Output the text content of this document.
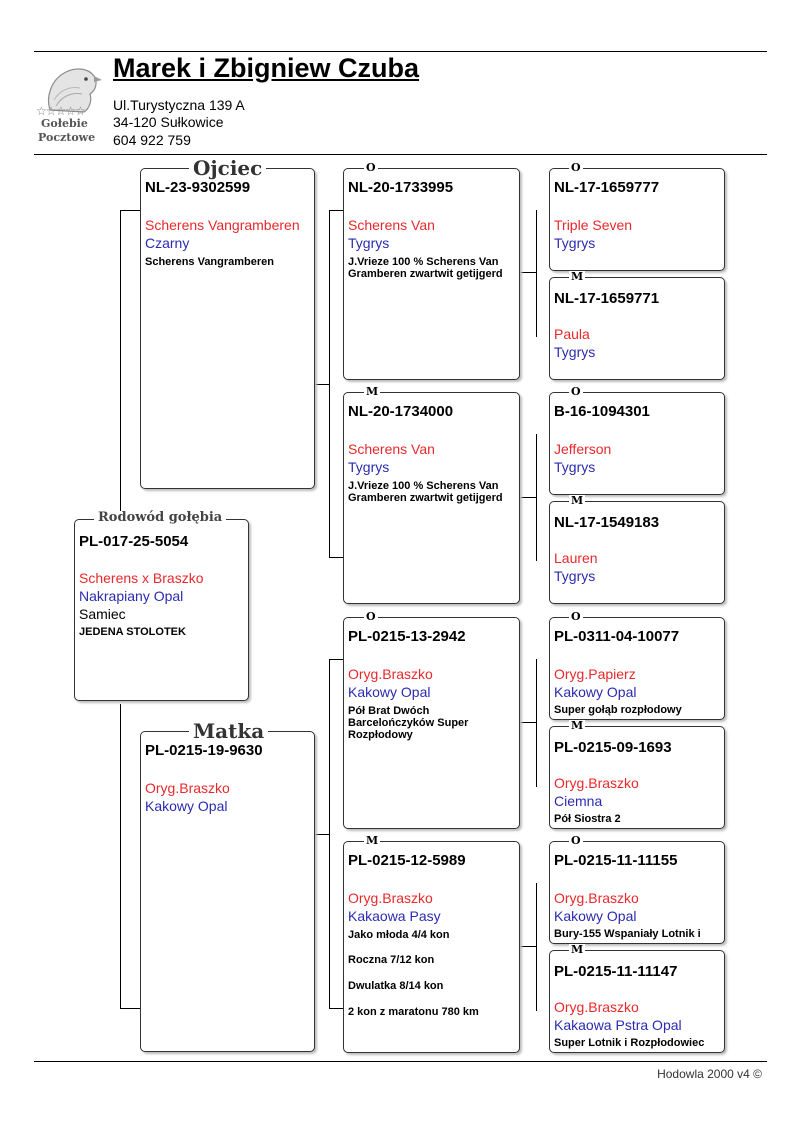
☆☆☆☆☆
Gołebie
Pocztowe
Marek i Zbigniew Czuba
Ul.Turystyczna 139 A
34-120 Sułkowice
604 922 759
PL-017-25-5054
Scherens x Braszko
Nakrapiany Opal
Samiec
JEDENA STOLOTEK
Rodowód gołębia
NL-23-9302599
Scherens Vangramberen
Czarny
Scherens Vangramberen
Ojciec
PL-0215-19-9630
Oryg.Braszko
Kakowy Opal
Matka
NL-20-1733995
Scherens Van
Tygrys
J.Vrieze 100 % Scherens Van Gramberen zwartwit getijgerd
O
NL-20-1734000
Scherens Van
Tygrys
J.Vrieze 100 % Scherens Van Gramberen zwartwit getijgerd
M
PL-0215-13-2942
Oryg.Braszko
Kakowy Opal
Pół Brat Dwóch Barcelończyków Super Rozpłodowy
O
PL-0215-12-5989
Oryg.Braszko
Kakaowa Pasy
Jako młoda 4/4 kon
Roczna 7/12 kon
Dwulatka 8/14 kon
2 kon z maratonu 780 km
M
NL-17-1659777
Triple Seven
Tygrys
O
NL-17-1659771
Paula
Tygrys
M
B-16-1094301
Jefferson
Tygrys
O
NL-17-1549183
Lauren
Tygrys
M
PL-0311-04-10077
Oryg.Papierz
Kakowy Opal
Super gołąb rozpłodowy
O
PL-0215-09-1693
Oryg.Braszko
Ciemna
Pół Siostra 2
M
PL-0215-11-11155
Oryg.Braszko
Kakowy Opal
Bury-155 Wspaniały Lotnik i
O
PL-0215-11-11147
Oryg.Braszko
Kakaowa Pstra Opal
Super Lotnik i Rozpłodowiec
M
Hodowla 2000 v4 ©
